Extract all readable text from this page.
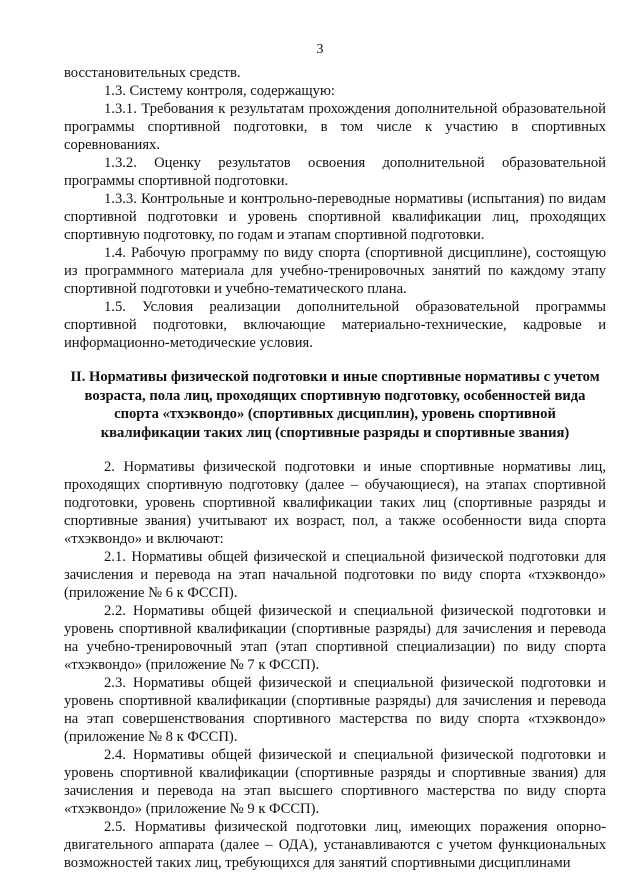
3

восстановительных средств.

1.3. Систему контроля, содержащую:

1.3.1. Требования к результатам прохождения дополнительной образовательной программы спортивной подготовки, в том числе к участию в спортивных соревнованиях.

1.3.2. Оценку результатов освоения дополнительной образовательной программы спортивной подготовки.

1.3.3. Контрольные и контрольно-переводные нормативы (испытания) по видам спортивной подготовки и уровень спортивной квалификации лиц, проходящих спортивную подготовку, по годам и этапам спортивной подготовки.

1.4. Рабочую программу по виду спорта (спортивной дисциплине), состоящую из программного материала для учебно-тренировочных занятий по каждому этапу спортивной подготовки и учебно-тематического плана.

1.5. Условия реализации дополнительной образовательной программы спортивной подготовки, включающие материально-технические, кадровые и информационно-методические условия.

II. Нормативы физической подготовки и иные спортивные нормативы с учетом возраста, пола лиц, проходящих спортивную подготовку, особенностей вида спорта «тхэквондо» (спортивных дисциплин), уровень спортивной квалификации таких лиц (спортивные разряды и спортивные звания)

2. Нормативы физической подготовки и иные спортивные нормативы лиц, проходящих спортивную подготовку (далее – обучающиеся), на этапах спортивной подготовки, уровень спортивной квалификации таких лиц (спортивные разряды и спортивные звания) учитывают их возраст, пол, а также особенности вида спорта «тхэквондо» и включают:

2.1. Нормативы общей физической и специальной физической подготовки для зачисления и перевода на этап начальной подготовки по виду спорта «тхэквондо» (приложение № 6 к ФССП).

2.2. Нормативы общей физической и специальной физической подготовки и уровень спортивной квалификации (спортивные разряды) для зачисления и перевода на учебно-тренировочный этап (этап спортивной специализации) по виду спорта «тхэквондо» (приложение № 7 к ФССП).

2.3. Нормативы общей физической и специальной физической подготовки и уровень спортивной квалификации (спортивные разряды) для зачисления и перевода на этап совершенствования спортивного мастерства по виду спорта «тхэквондо» (приложение № 8 к ФССП).

2.4. Нормативы общей физической и специальной физической подготовки и уровень спортивной квалификации (спортивные разряды и спортивные звания) для зачисления и перевода на этап высшего спортивного мастерства по виду спорта «тхэквондо» (приложение № 9 к ФССП).

2.5. Нормативы физической подготовки лиц, имеющих поражения опорно-двигательного аппарата (далее – ОДА), устанавливаются с учетом функциональных возможностей таких лиц, требующихся для занятий спортивными дисциплинами
